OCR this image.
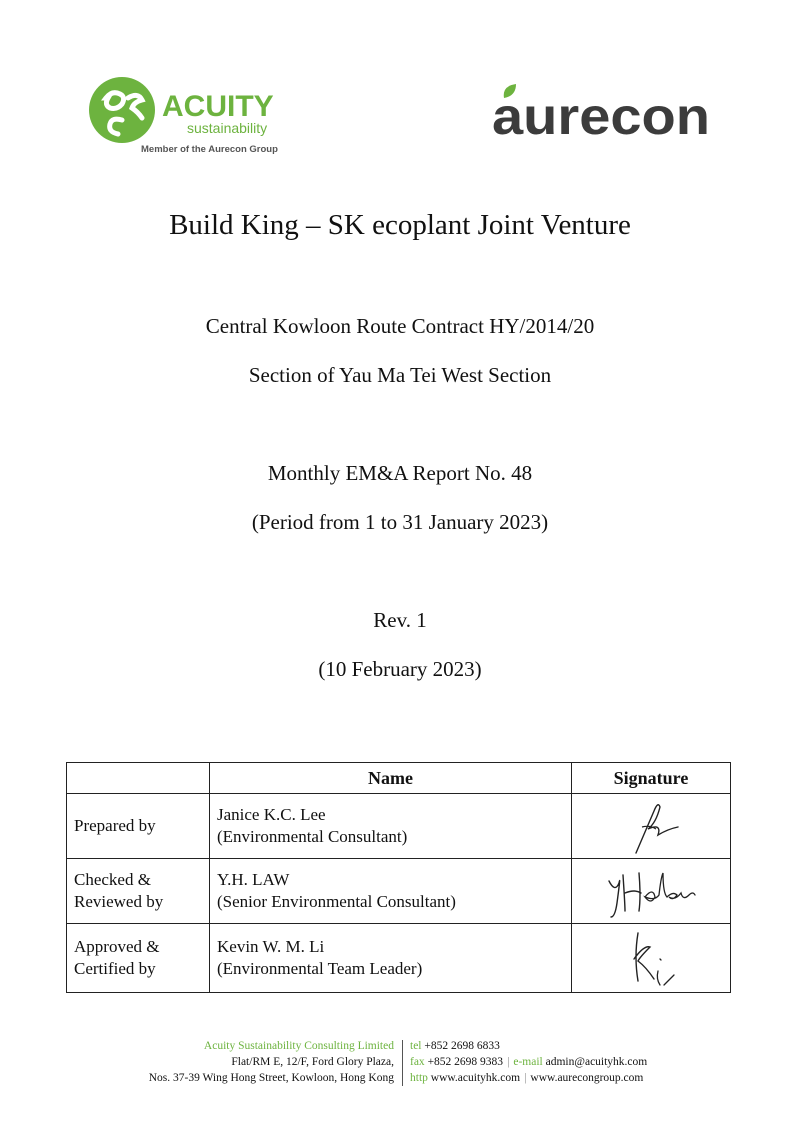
ACUITY
sustainability
Member of the Aurecon Group
aurecon
Build King – SK ecoplant Joint Venture
Central Kowloon Route Contract HY/2014/20
Section of Yau Ma Tei West Section
Monthly EM&A Report No. 48
(Period from 1 to 31 January 2023)
Rev. 1
(10 February 2023)
	Name	Signature

Prepared by	Janice K.C. Lee
(Environmental Consultant)

Checked &
Reviewed by	Y.H. LAW
(Senior Environmental Consultant)

Approved &
Certified by	Kevin W. M. Li
(Environmental Team Leader)

Acuity Sustainability Consulting Limited
Flat/RM E, 12/F, Ford Glory Plaza,
Nos. 37-39 Wing Hong Street, Kowloon, Hong Kong
tel +852 2698 6833
fax +852 2698 9383 | e-mail admin@acuityhk.com
http www.acuityhk.com | www.aurecongroup.com
